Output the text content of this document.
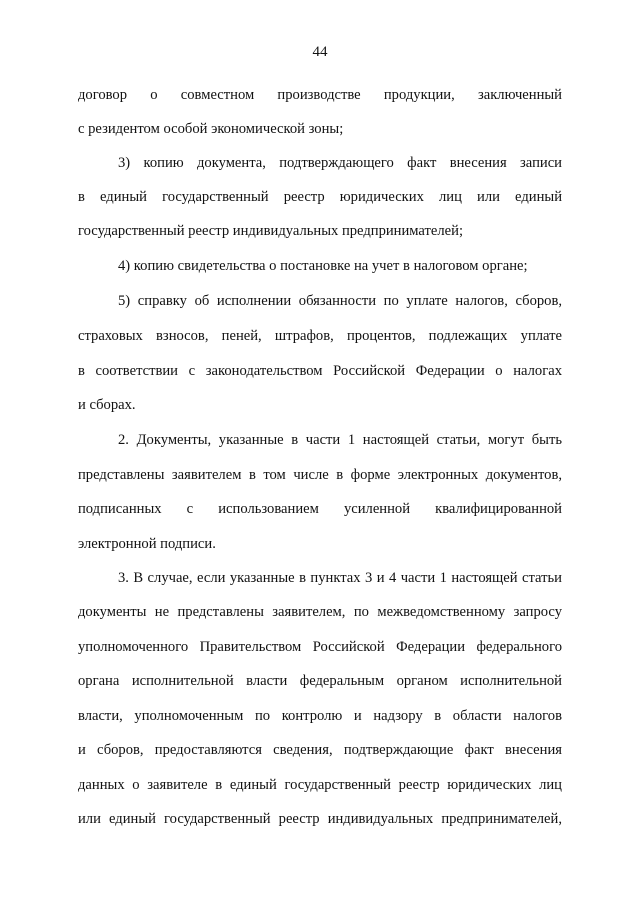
44
договор о совместном производстве продукции, заключенный
с резидентом особой экономической зоны;
3) копию документа, подтверждающего факт внесения записи
в единый государственный реестр юридических лиц или единый
государственный реестр индивидуальных предпринимателей;
4) копию свидетельства о постановке на учет в налоговом органе;
5) справку об исполнении обязанности по уплате налогов, сборов,
страховых взносов, пеней, штрафов, процентов, подлежащих уплате
в соответствии с законодательством Российской Федерации о налогах
и сборах.
2. Документы, указанные в части 1 настоящей статьи, могут быть
представлены заявителем в том числе в форме электронных документов,
подписанных с использованием усиленной квалифицированной
электронной подписи.
3. В случае, если указанные в пунктах 3 и 4 части 1 настоящей статьи
документы не представлены заявителем, по межведомственному запросу
уполномоченного Правительством Российской Федерации федерального
органа исполнительной власти федеральным органом исполнительной
власти, уполномоченным по контролю и надзору в области налогов
и сборов, предоставляются сведения, подтверждающие факт внесения
данных о заявителе в единый государственный реестр юридических лиц
или единый государственный реестр индивидуальных предпринимателей,
